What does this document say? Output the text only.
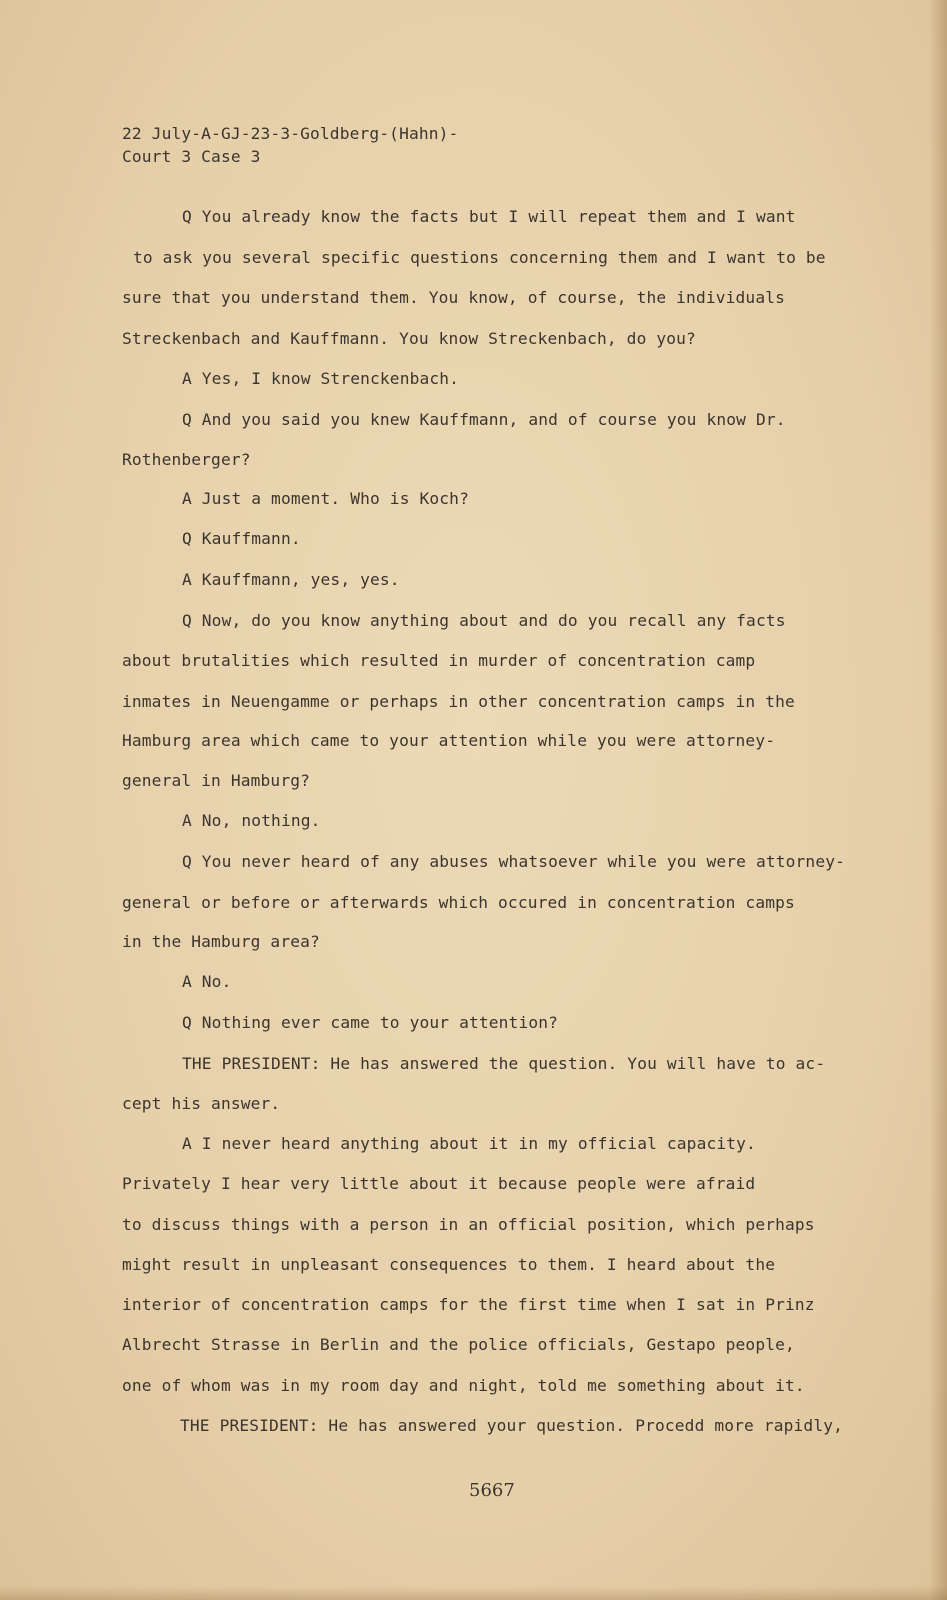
22 July-A-GJ-23-3-Goldberg-(Hahn)-
Court 3 Case 3
Q You already know the facts but I will repeat them and I want
to ask you several specific questions concerning them and I want to be
sure that you understand them. You know, of course, the individuals
Streckenbach and Kauffmann. You know Streckenbach, do you?
A Yes, I know Strenckenbach.
Q And you said you knew Kauffmann, and of course you know Dr.
Rothenberger?
A Just a moment. Who is Koch?
Q Kauffmann.
A Kauffmann, yes, yes.
Q Now, do you know anything about and do you recall any facts
about brutalities which resulted in murder of concentration camp
inmates in Neuengamme or perhaps in other concentration camps in the
Hamburg area which came to your attention while you were attorney-
general in Hamburg?
A No, nothing.
Q You never heard of any abuses whatsoever while you were attorney-
general or before or afterwards which occured in concentration camps
in the Hamburg area?
A No.
Q Nothing ever came to your attention?
THE PRESIDENT: He has answered the question. You will have to ac-
cept his answer.
A I never heard anything about it in my official capacity.
Privately I hear very little about it because people were afraid
to discuss things with a person in an official position, which perhaps
might result in unpleasant consequences to them. I heard about the
interior of concentration camps for the first time when I sat in Prinz
Albrecht Strasse in Berlin and the police officials, Gestapo people,
one of whom was in my room day and night, told me something about it.
THE PRESIDENT: He has answered your question. Procedd more rapidly,
5667
